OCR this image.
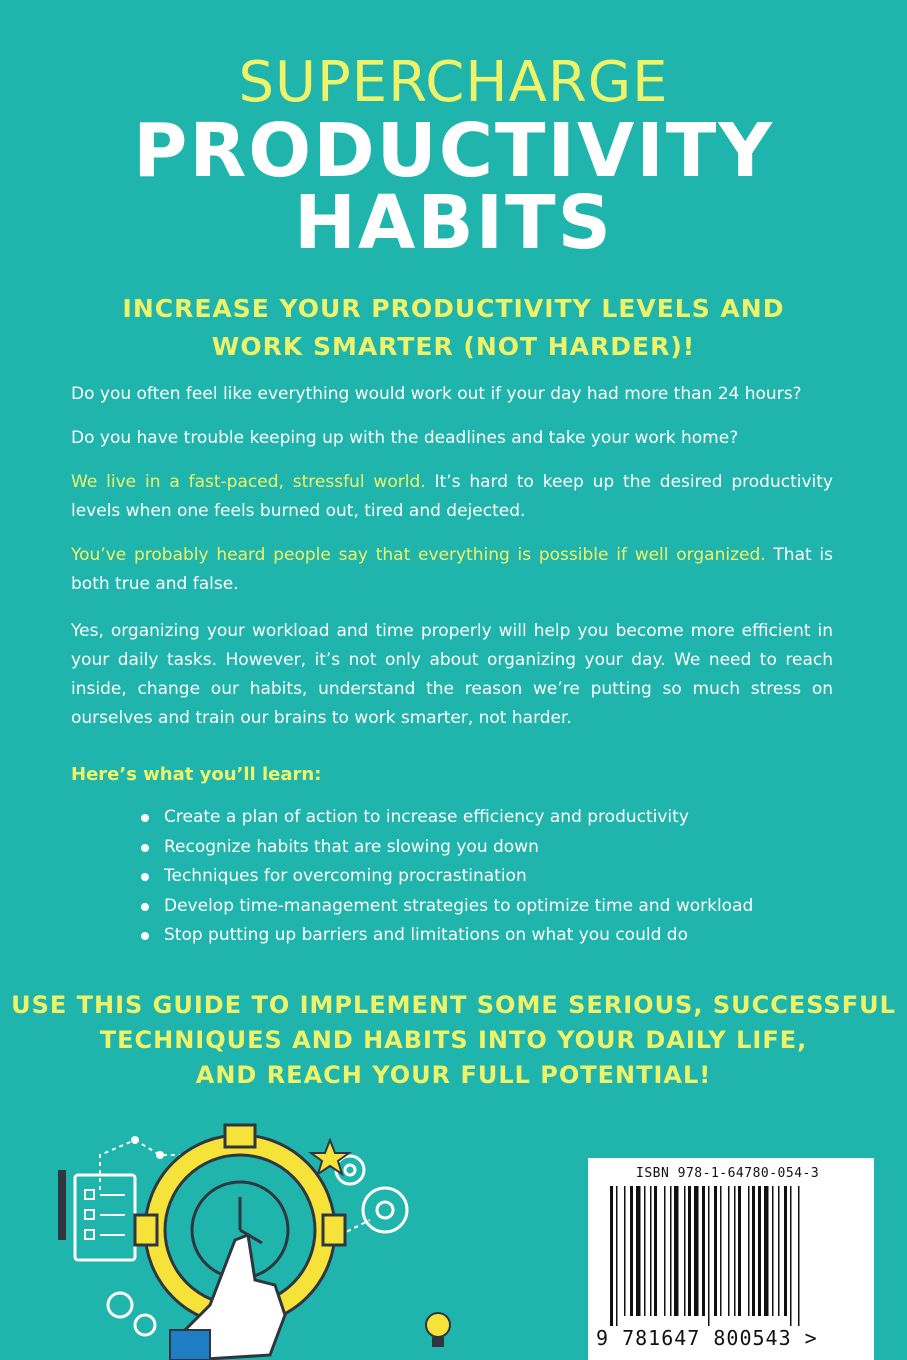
SUPERCHARGE
PRODUCTIVITY
HABITS
INCREASE YOUR PRODUCTIVITY LEVELS AND
WORK SMARTER (NOT HARDER)!
Do you often feel like everything would work out if your day had more than 24 hours?
Do you have trouble keeping up with the deadlines and take your work home?
We live in a fast-paced, stressful world. It’s hard to keep up the desired productivity levels when one feels burned out, tired and dejected.
You’ve probably heard people say that everything is possible if well organized. That is both true and false.
Yes, organizing your workload and time properly will help you become more efficient in your daily tasks. However, it’s not only about organizing your day. We need to reach inside, change our habits, understand the reason we’re putting so much stress on ourselves and train our brains to work smarter, not harder.
Here’s what you’ll learn:
Create a plan of action to increase efficiency and productivity
Recognize habits that are slowing you down
Techniques for overcoming procrastination
Develop time-management strategies to optimize time and workload
Stop putting up barriers and limitations on what you could do
USE THIS GUIDE TO IMPLEMENT SOME SERIOUS, SUCCESSFUL
TECHNIQUES AND HABITS INTO YOUR DAILY LIFE,
AND REACH YOUR FULL POTENTIAL!
ISBN 978-1-64780-054-3
9 781647 800543 >
